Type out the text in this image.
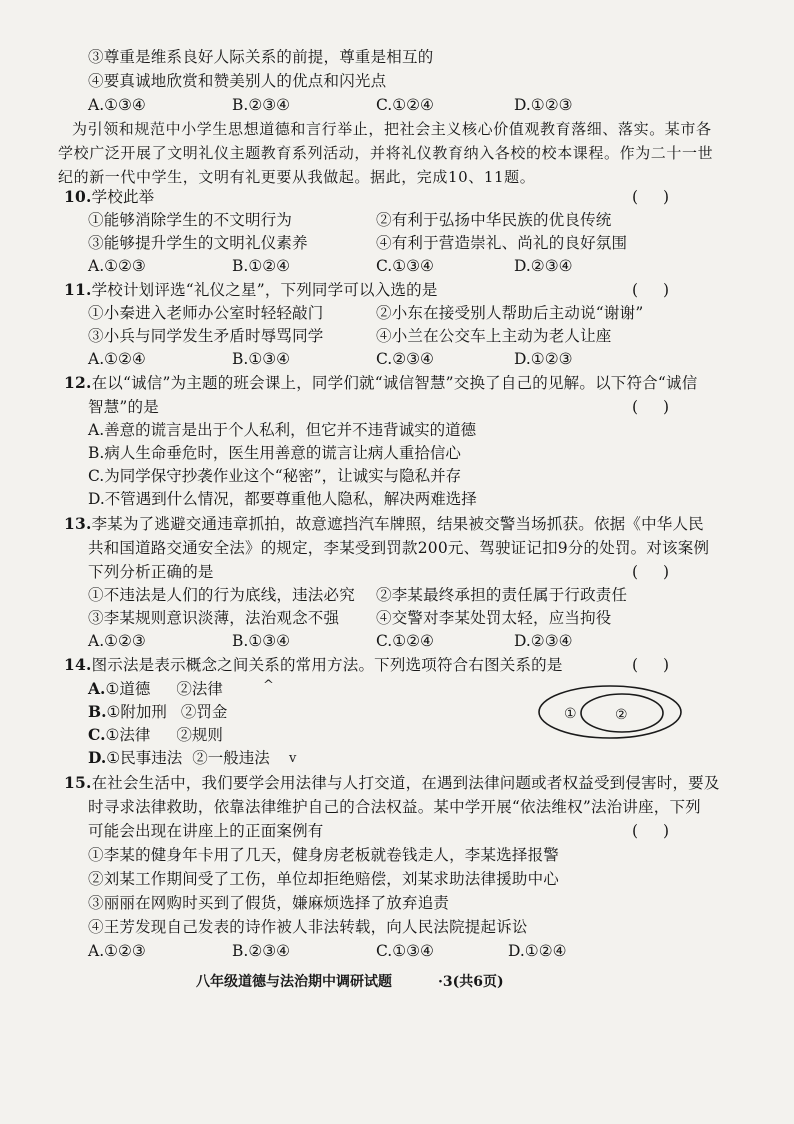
③尊重是维系良好人际关系的前提，尊重是相互的
④要真诚地欣赏和赞美别人的优点和闪光点
A.①③④	B.②③④	C.①②④	D.①②③
为引领和规范中小学生思想道德和言行举止，把社会主义核心价值观教育落细、落实。某市各
学校广泛开展了文明礼仪主题教育系列活动，并将礼仪教育纳入各校的校本课程。作为二十一世
纪的新一代中学生，文明有礼更要从我做起。据此，完成10、11题。
10.学校此举	( )
①能够消除学生的不文明行为	②有利于弘扬中华民族的优良传统
③能够提升学生的文明礼仪素养	④有利于营造崇礼、尚礼的良好氛围
A.①②③	B.①②④	C.①③④	D.②③④
11.学校计划评选“礼仪之星”，下列同学可以入选的是	( )
①小秦进入老师办公室时轻轻敲门	②小东在接受别人帮助后主动说“谢谢”
③小兵与同学发生矛盾时辱骂同学	④小兰在公交车上主动为老人让座
A.①②④	B.①③④	C.②③④	D.①②③
12.在以“诚信”为主题的班会课上，同学们就“诚信智慧”交换了自己的见解。以下符合“诚信
智慧”的是	( )
A.善意的谎言是出于个人私利，但它并不违背诚实的道德
B.病人生命垂危时，医生用善意的谎言让病人重拾信心
C.为同学保守抄袭作业这个“秘密”，让诚实与隐私并存
D.不管遇到什么情况，都要尊重他人隐私，解决两难选择
13.李某为了逃避交通违章抓拍，故意遮挡汽车牌照，结果被交警当场抓获。依据《中华人民
共和国道路交通安全法》的规定，李某受到罚款200元、驾驶证记扣9分的处罚。对该案例
下列分析正确的是	( )
①不违法是人们的行为底线，违法必究 ②李某最终承担的责任属于行政责任
③李某规则意识淡薄，法治观念不强 ④交警对李某处罚太轻，应当拘役
A.①②③	B.①③④	C.①②④	D.②③④
14.图示法是表示概念之间关系的常用方法。下列选项符合右图关系的是	( )
A.①道德 ②法律
B.①附加刑 ②罚金
C.①法律 ②规则
D.①民事违法 ②一般违法
^
v
①	②
15.在社会生活中，我们要学会用法律与人打交道，在遇到法律问题或者权益受到侵害时，要及
时寻求法律救助，依靠法律维护自己的合法权益。某中学开展“依法维权”法治讲座，下列
可能会出现在讲座上的正面案例有	( )
①李某的健身年卡用了几天，健身房老板就卷钱走人，李某选择报警
②刘某工作期间受了工伤，单位却拒绝赔偿，刘某求助法律援助中心
③丽丽在网购时买到了假货，嫌麻烦选择了放弃追责
④王芳发现自己发表的诗作被人非法转载，向人民法院提起诉讼
A.①②③	B.②③④	C.①③④	D.①②④
八年级道德与法治期中调研试题	·3(共6页)
